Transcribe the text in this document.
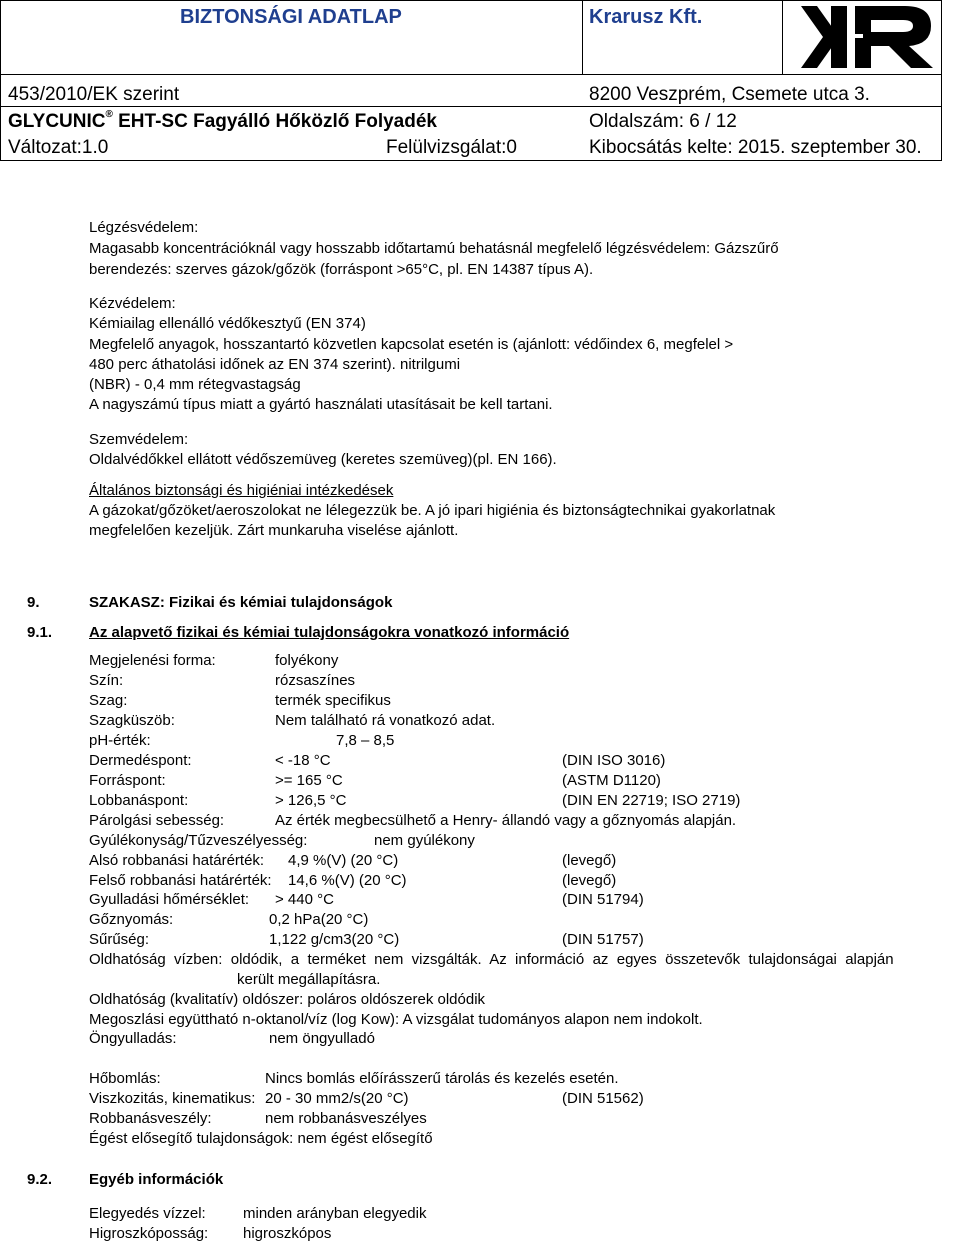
BIZTONSÁGI ADATLAP	Krarusz Kft.
453/2010/EK szerint	8200 Veszprém, Csemete utca 3.
GLYCUNIC® EHT-SC Fagyálló Hőközlő Folyadék	Oldalszám: 6 / 12
Változat:1.0	Felülvizsgálat:0	Kibocsátás kelte: 2015. szeptember 30.
Légzésvédelem:
Magasabb koncentrációknál vagy hosszabb időtartamú behatásnál megfelelő légzésvédelem: Gázszűrő
berendezés: szerves gázok/gőzök (forráspont >65°C, pl. EN 14387 típus A).
Kézvédelem:
Kémiailag ellenálló védőkesztyű (EN 374)
Megfelelő anyagok, hosszantartó közvetlen kapcsolat esetén is (ajánlott: védőindex 6, megfelel >
480 perc áthatolási időnek az EN 374 szerint). nitrilgumi
(NBR) - 0,4 mm rétegvastagság
A nagyszámú típus miatt a gyártó használati utasításait be kell tartani.
Szemvédelem:
Oldalvédőkkel ellátott védőszemüveg (keretes szemüveg)(pl. EN 166).
Általános biztonsági és higiéniai intézkedések
A gázokat/gőzöket/aeroszolokat ne lélegezzük be. A jó ipari higiénia és biztonságtechnikai gyakorlatnak
megfelelően kezeljük. Zárt munkaruha viselése ajánlott.
9.	SZAKASZ: Fizikai és kémiai tulajdonságok
9.1. Az alapvető fizikai és kémiai tulajdonságokra vonatkozó információ
Megjelenési forma:	folyékony
Szín:	rózsaszínes
Szag:	termék specifikus
Szagküszöb:	Nem található rá vonatkozó adat.
pH-érték:	7,8 – 8,5
Dermedéspont:	< -18 °C	(DIN ISO 3016)
Forráspont:	>= 165 °C	(ASTM D1120)
Lobbanáspont:	> 126,5 °C	(DIN EN 22719; ISO 2719)
Párolgási sebesség:	Az érték megbecsülhető a Henry- állandó vagy a gőznyomás alapján.
Gyúlékonyság/Tűzveszélyesség:	nem gyúlékony
Alsó robbanási határérték: 4,9 %(V) (20 °C)	(levegő)
Felső robbanási határérték: 14,6 %(V) (20 °C)	(levegő)
Gyulladási hőmérséklet: > 440 °C	(DIN 51794)
Gőznyomás:	0,2 hPa(20 °C)
Sűrűség:	1,122 g/cm3(20 °C)	(DIN 51757)
Oldhatóság  vízben:  oldódik,  a  terméket  nem  vizsgálták.  Az  információ  az  egyes  összetevők  tulajdonságai  alapján
került megállapításra.
Oldhatóság (kvalitatív) oldószer: poláros oldószerek oldódik
Megoszlási együttható n-oktanol/víz (log Kow): A vizsgálat tudományos alapon nem indokolt.
Öngyulladás:	nem öngyulladó
Hőbomlás:	Nincs bomlás előírásszerű tárolás és kezelés esetén.
Viszkozitás, kinematikus: 20 - 30 mm2/s(20 °C)	(DIN 51562)
Robbanásveszély:	nem robbanásveszélyes
Égést elősegítő tulajdonságok: nem égést elősegítő
9.2. Egyéb információk
Elegyedés vízzel: minden arányban elegyedik
Higroszkóposság: higroszkópos
